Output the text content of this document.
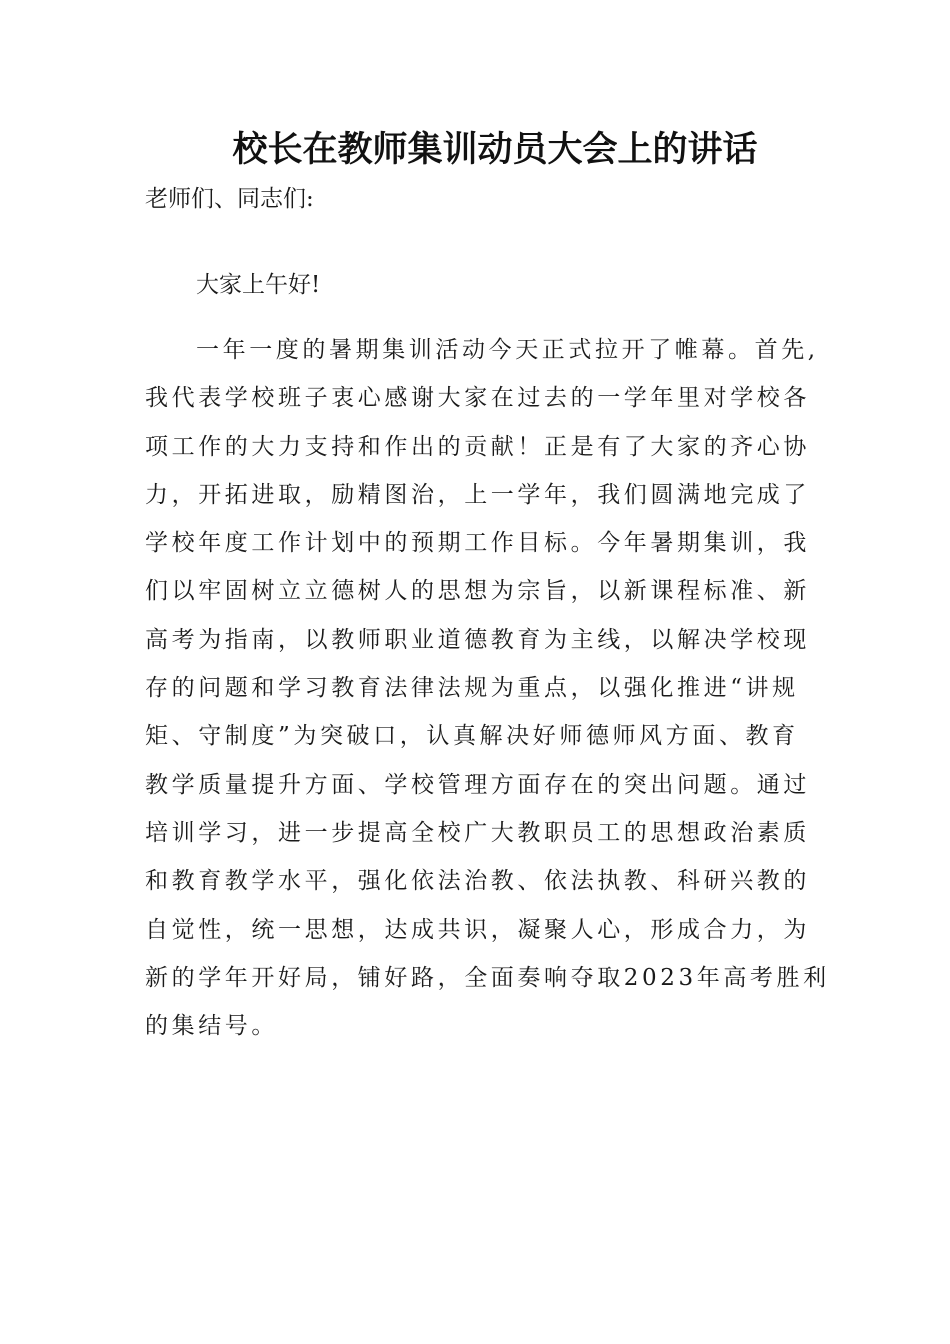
校长在教师集训动员大会上的讲话

老师们、同志们:

大家上午好!

一年一度的暑期集训活动今天正式拉开了帷幕。首先,
我代表学校班子衷心感谢大家在过去的一学年里对学校各
项工作的大力支持和作出的贡献！正是有了大家的齐心协
力，开拓进取，励精图治，上一学年，我们圆满地完成了
学校年度工作计划中的预期工作目标。今年暑期集训，我
们以牢固树立立德树人的思想为宗旨，以新课程标准、新
高考为指南，以教师职业道德教育为主线，以解决学校现
存的问题和学习教育法律法规为重点，以强化推进“讲规
矩、守制度”为突破口，认真解决好师德师风方面、教育
教学质量提升方面、学校管理方面存在的突出问题。通过
培训学习，进一步提高全校广大教职员工的思想政治素质
和教育教学水平，强化依法治教、依法执教、科研兴教的
自觉性，统一思想，达成共识，凝聚人心，形成合力，为
新的学年开好局，铺好路，全面奏响夺取2023年高考胜利
的集结号。
